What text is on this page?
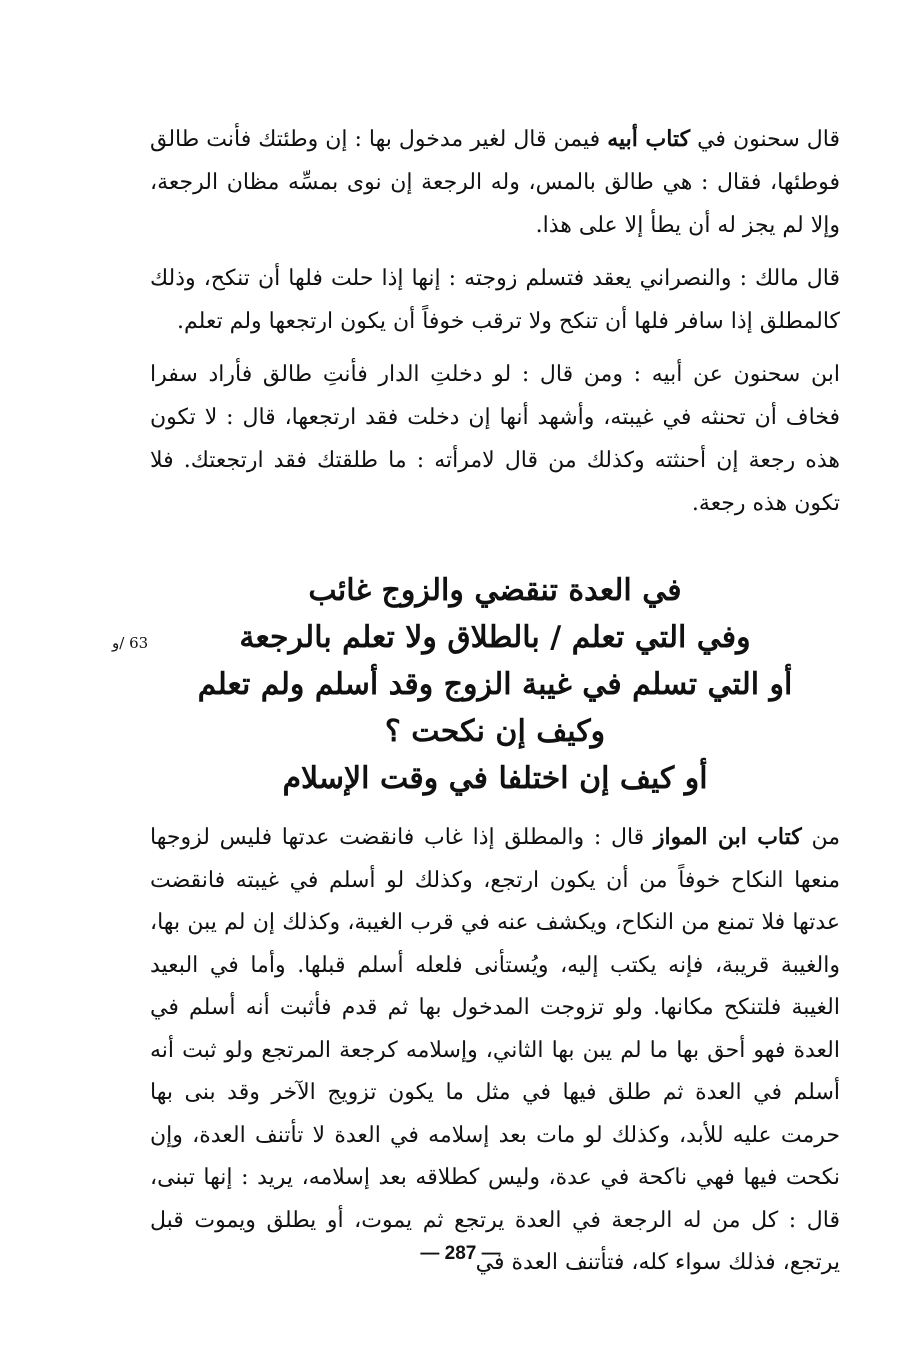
قال سحنون في كتاب أبيه فيمن قال لغير مدخول بها : إن وطئتك فأنت طالق فوطئها، فقال : هي طالق بالمس، وله الرجعة إن نوى بمسِّه مظان الرجعة، وإلا لم يجز له أن يطأ إلا على هذا.

قال مالك : والنصراني يعقد فتسلم زوجته : إنها إذا حلت فلها أن تنكح، وذلك كالمطلق إذا سافر فلها أن تنكح ولا ترقب خوفاً أن يكون ارتجعها ولم تعلم.

ابن سحنون عن أبيه : ومن قال : لو دخلتِ الدار فأنتِ طالق فأراد سفرا فخاف أن تحنثه في غيبته، وأشهد أنها إن دخلت فقد ارتجعها، قال : لا تكون هذه رجعة إن أحنثته وكذلك من قال لامرأته : ما طلقتك فقد ارتجعتك. فلا تكون هذه رجعة.

في العدة تنقضي والزوج غائب
وفي التي تعلم / بالطلاق ولا تعلم بالرجعة
أو التي تسلم في غيبة الزوج وقد أسلم ولم تعلم
وكيف إن نكحت ؟
أو كيف إن اختلفا في وقت الإسلام

من كتاب ابن المواز قال : والمطلق إذا غاب فانقضت عدتها فليس لزوجها منعها النكاح خوفاً من أن يكون ارتجع، وكذلك لو أسلم في غيبته فانقضت عدتها فلا تمنع من النكاح، ويكشف عنه في قرب الغيبة، وكذلك إن لم يبن بها، والغيبة قريبة، فإنه يكتب إليه، ويُستأنى فلعله أسلم قبلها. وأما في البعيد الغيبة فلتنكح مكانها. ولو تزوجت المدخول بها ثم قدم فأثبت أنه أسلم في العدة فهو أحق بها ما لم يبن بها الثاني، وإسلامه كرجعة المرتجع ولو ثبت أنه أسلم في العدة ثم طلق فيها في مثل ما يكون تزويج الآخر وقد بنى بها حرمت عليه للأبد، وكذلك لو مات بعد إسلامه في العدة لا تأتنف العدة، وإن نكحت فيها فهي ناكحة في عدة، وليس كطلاقه بعد إسلامه، يريد : إنها تبنى، قال : كل من له الرجعة في العدة يرتجع ثم يموت، أو يطلق ويموت قبل يرتجع، فذلك سواء كله، فتأتنف العدة في

63 /و
— 287 —
